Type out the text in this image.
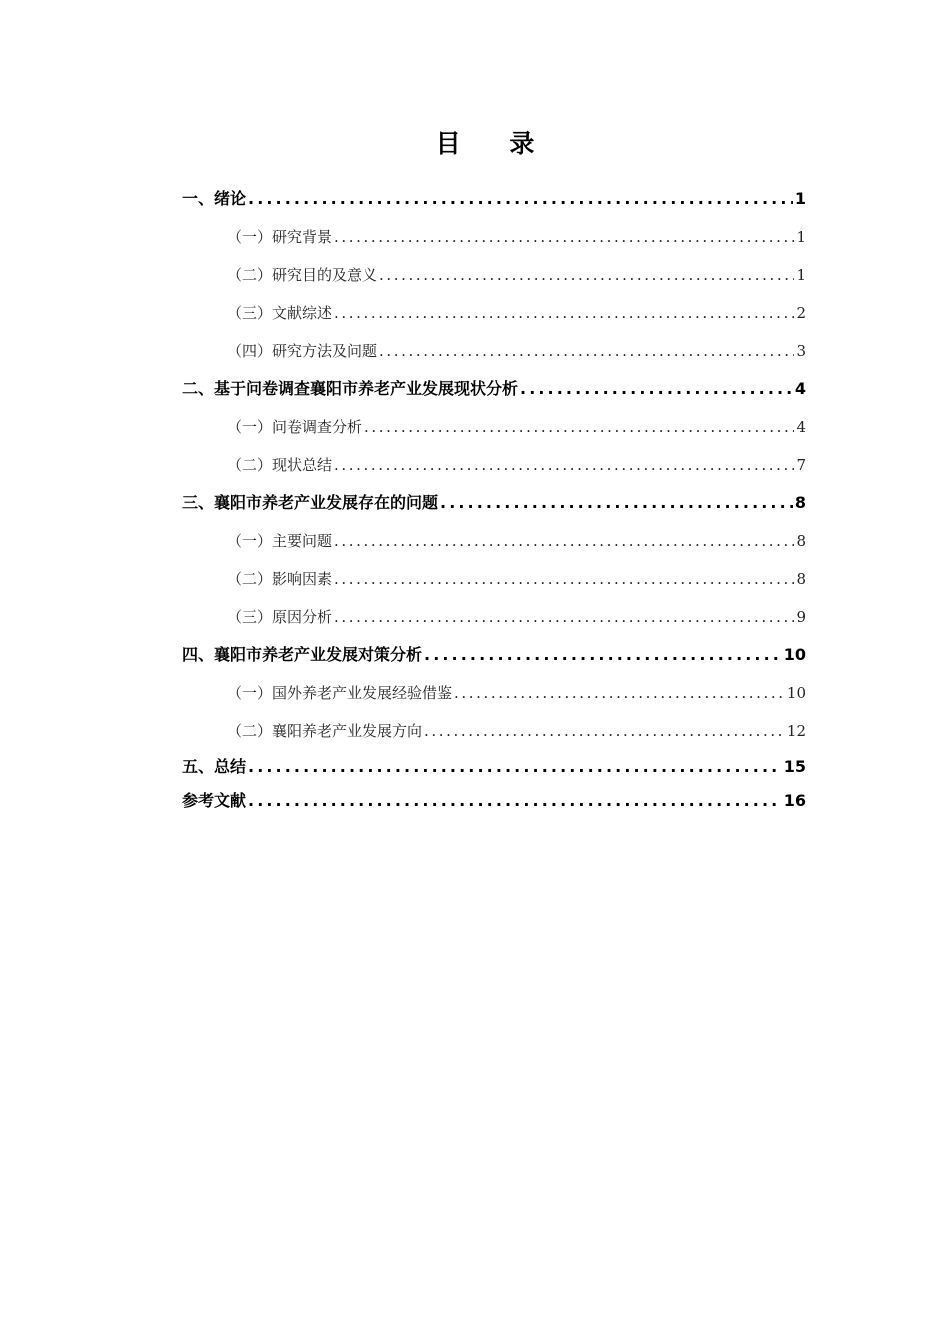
目 录
一、绪论 .....	1
（一）研究背景 .....	1
（二）研究目的及意义 .....	1
（三）文献综述 .....	2
（四）研究方法及问题 .....	3
二、基于问卷调查襄阳市养老产业发展现状分析 .....	4
（一）问卷调查分析 .....	4
（二）现状总结 .....	7
三、襄阳市养老产业发展存在的问题 .....	8
（一）主要问题 .....	8
（二）影响因素 .....	8
（三）原因分析 .....	9
四、襄阳市养老产业发展对策分析 .....	10
（一）国外养老产业发展经验借鉴 .....	10
（二）襄阳养老产业发展方向 .....	12
五、总结 .....	15
参考文献 .....	16
